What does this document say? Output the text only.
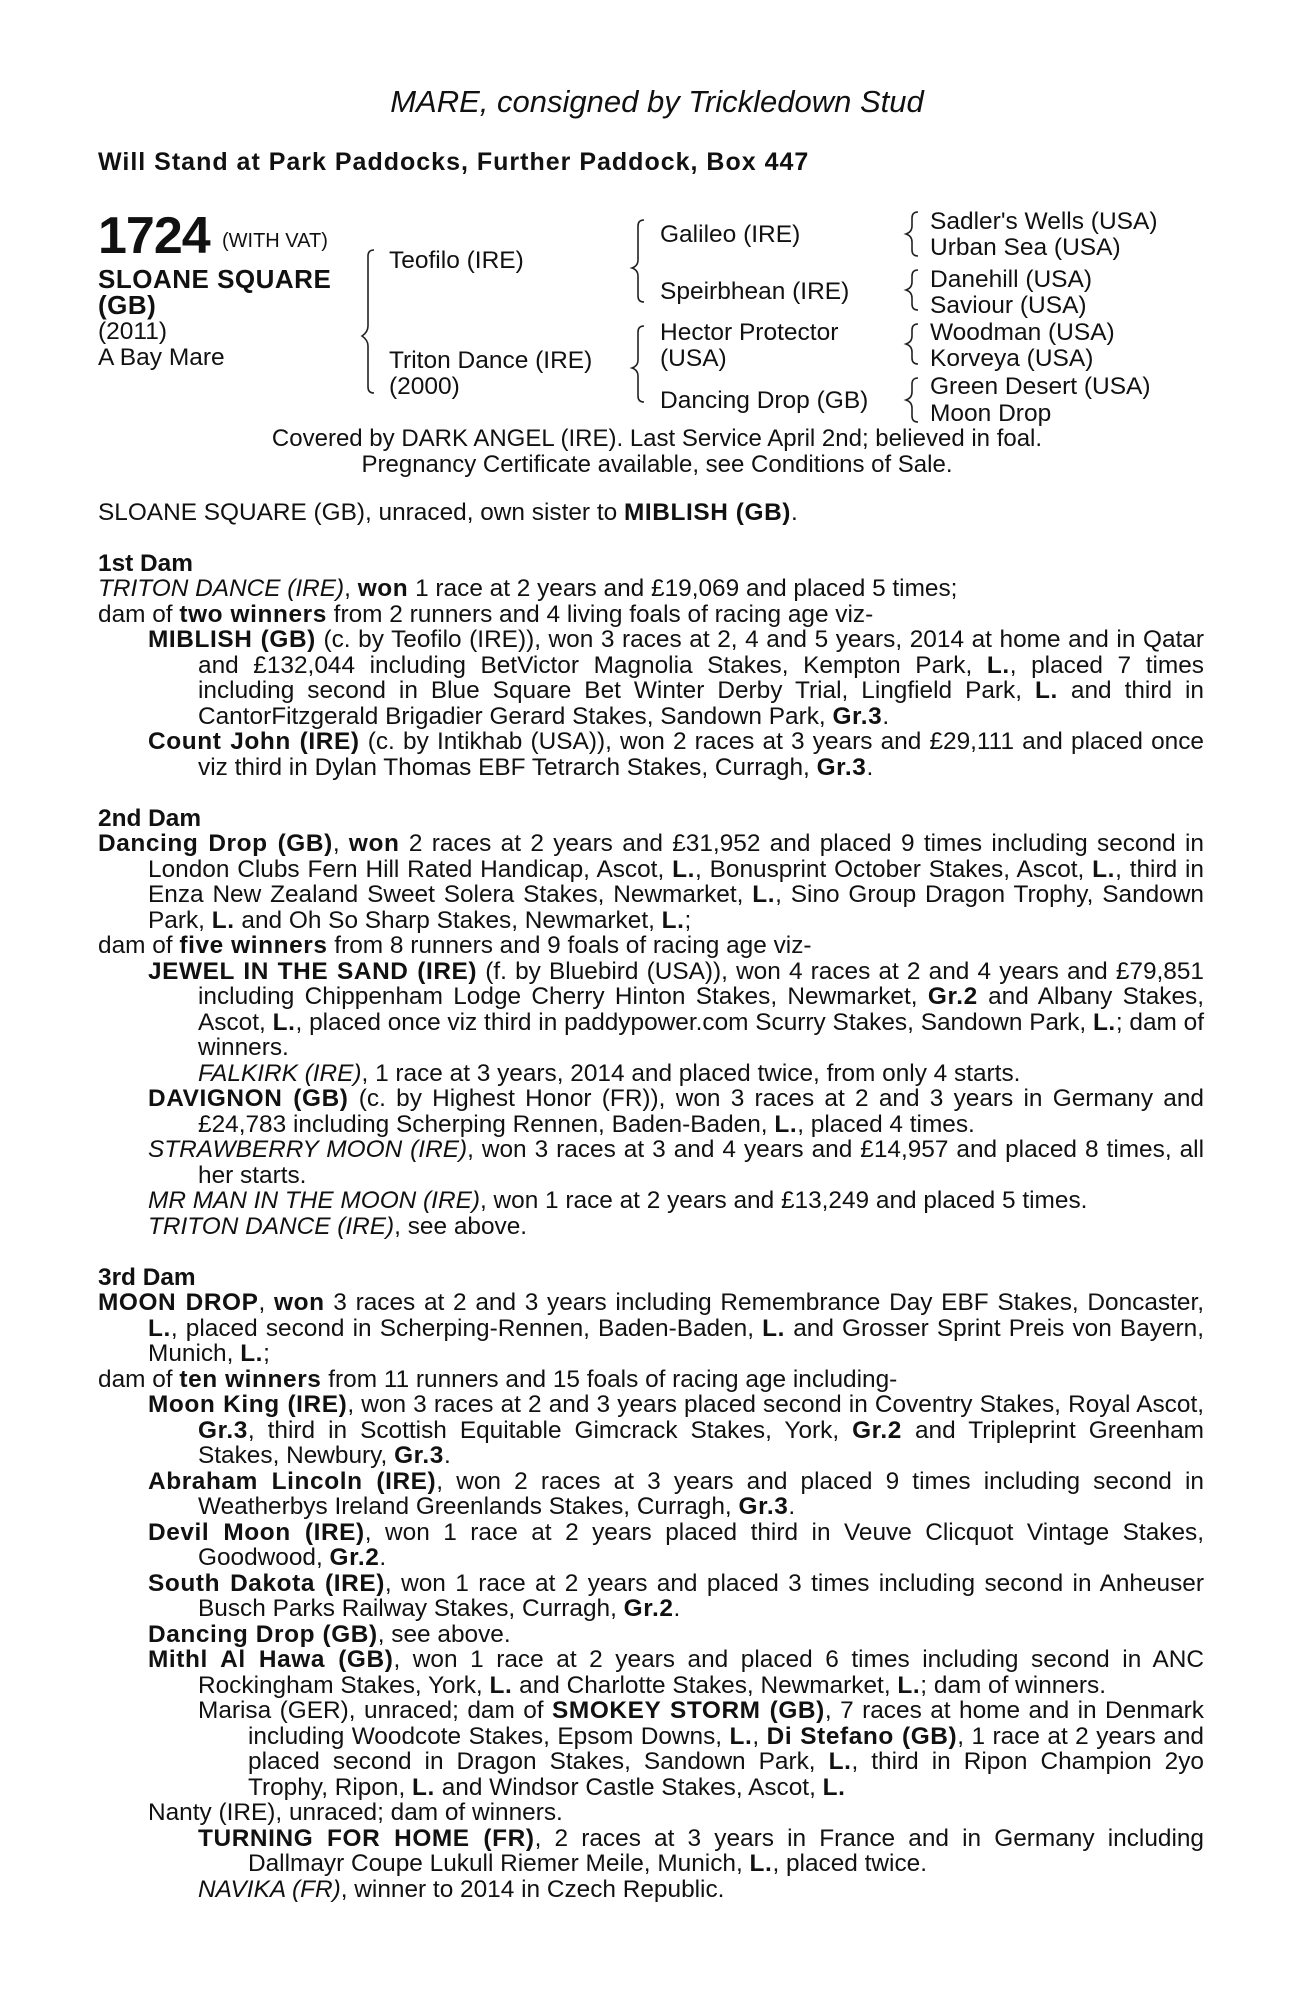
MARE, consigned by Trickledown Stud
Will Stand at Park Paddocks, Further Paddock, Box 447
1724 (WITH VAT)
SLOANE SQUARE
(GB)
(2011)
A Bay Mare
Teofilo (IRE)
Triton Dance (IRE)
(2000)
Galileo (IRE)
Speirbhean (IRE)
Hector Protector
(USA)
Dancing Drop (GB)
Sadler's Wells (USA)
Urban Sea (USA)
Danehill (USA)
Saviour (USA)
Woodman (USA)
Korveya (USA)
Green Desert (USA)
Moon Drop
Covered by DARK ANGEL (IRE). Last Service April 2nd; believed in foal.
Pregnancy Certificate available, see Conditions of Sale.

SLOANE SQUARE (GB), unraced, own sister to MIBLISH (GB).

1st Dam

TRITON DANCE (IRE), won 1 race at 2 years and £19,069 and placed 5 times;

dam of two winners from 2 runners and 4 living foals of racing age viz-

MIBLISH (GB) (c. by Teofilo (IRE)), won 3 races at 2, 4 and 5 years, 2014 at home and in Qatar and £132,044 including BetVictor Magnolia Stakes, Kempton Park, L., placed 7 times including second in Blue Square Bet Winter Derby Trial, Lingfield Park, L. and third in CantorFitzgerald Brigadier Gerard Stakes, Sandown Park, Gr.3.

Count John (IRE) (c. by Intikhab (USA)), won 2 races at 3 years and £29,111 and placed once viz third in Dylan Thomas EBF Tetrarch Stakes, Curragh, Gr.3.

2nd Dam

Dancing Drop (GB), won 2 races at 2 years and £31,952 and placed 9 times including second in London Clubs Fern Hill Rated Handicap, Ascot, L., Bonusprint October Stakes, Ascot, L., third in Enza New Zealand Sweet Solera Stakes, Newmarket, L., Sino Group Dragon Trophy, Sandown Park, L. and Oh So Sharp Stakes, Newmarket, L.;

dam of five winners from 8 runners and 9 foals of racing age viz-

JEWEL IN THE SAND (IRE) (f. by Bluebird (USA)), won 4 races at 2 and 4 years and £79,851 including Chippenham Lodge Cherry Hinton Stakes, Newmarket, Gr.2 and Albany Stakes, Ascot, L., placed once viz third in paddypower.com Scurry Stakes, Sandown Park, L.; dam of winners.

FALKIRK (IRE), 1 race at 3 years, 2014 and placed twice, from only 4 starts.

DAVIGNON (GB) (c. by Highest Honor (FR)), won 3 races at 2 and 3 years in Germany and £24,783 including Scherping Rennen, Baden-Baden, L., placed 4 times.

STRAWBERRY MOON (IRE), won 3 races at 3 and 4 years and £14,957 and placed 8 times, all her starts.

MR MAN IN THE MOON (IRE), won 1 race at 2 years and £13,249 and placed 5 times.

TRITON DANCE (IRE), see above.

3rd Dam

MOON DROP, won 3 races at 2 and 3 years including Remembrance Day EBF Stakes, Doncaster, L., placed second in Scherping-Rennen, Baden-Baden, L. and Grosser Sprint Preis von Bayern, Munich, L.;

dam of ten winners from 11 runners and 15 foals of racing age including-

Moon King (IRE), won 3 races at 2 and 3 years placed second in Coventry Stakes, Royal Ascot, Gr.3, third in Scottish Equitable Gimcrack Stakes, York, Gr.2 and Tripleprint Greenham Stakes, Newbury, Gr.3.

Abraham Lincoln (IRE), won 2 races at 3 years and placed 9 times including second in Weatherbys Ireland Greenlands Stakes, Curragh, Gr.3.

Devil Moon (IRE), won 1 race at 2 years placed third in Veuve Clicquot Vintage Stakes, Goodwood, Gr.2.

South Dakota (IRE), won 1 race at 2 years and placed 3 times including second in Anheuser Busch Parks Railway Stakes, Curragh, Gr.2.

Dancing Drop (GB), see above.

Mithl Al Hawa (GB), won 1 race at 2 years and placed 6 times including second in ANC Rockingham Stakes, York, L. and Charlotte Stakes, Newmarket, L.; dam of winners.

Marisa (GER), unraced; dam of SMOKEY STORM (GB), 7 races at home and in Denmark including Woodcote Stakes, Epsom Downs, L., Di Stefano (GB), 1 race at 2 years and placed second in Dragon Stakes, Sandown Park, L., third in Ripon Champion 2yo Trophy, Ripon, L. and Windsor Castle Stakes, Ascot, L.

Nanty (IRE), unraced; dam of winners.

TURNING FOR HOME (FR), 2 races at 3 years in France and in Germany including Dallmayr Coupe Lukull Riemer Meile, Munich, L., placed twice.

NAVIKA (FR), winner to 2014 in Czech Republic.
